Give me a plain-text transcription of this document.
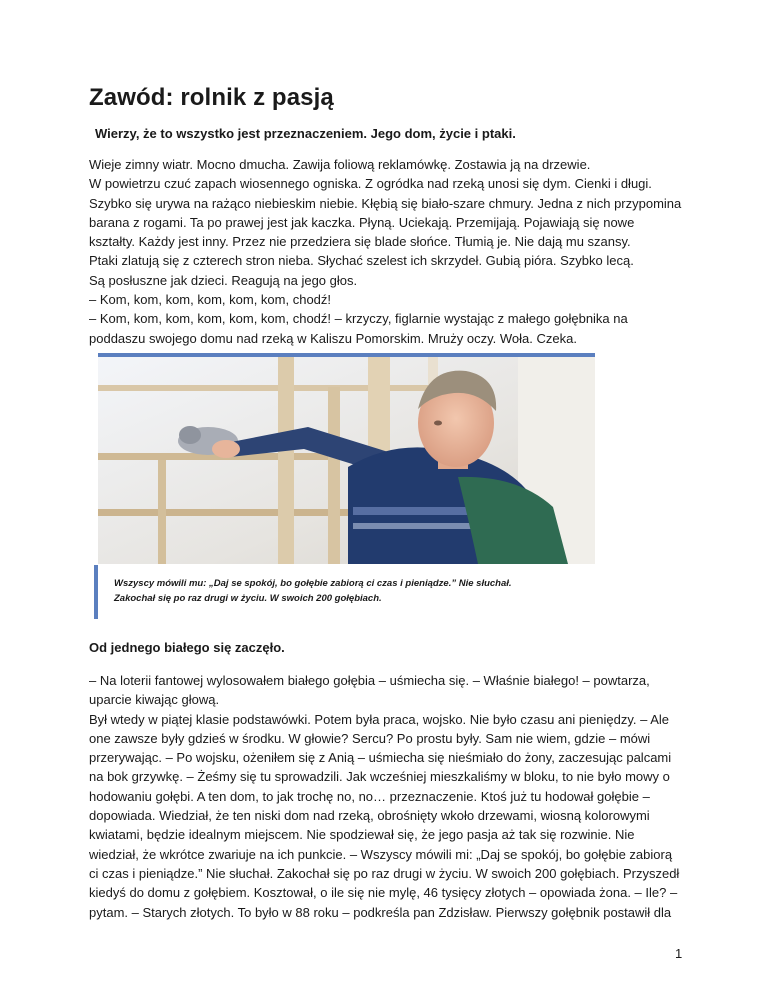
Zawód: rolnik z pasją

Wierzy, że to wszystko jest przeznaczeniem. Jego dom, życie i ptaki.

Wieje zimny wiatr. Mocno dmucha. Zawija foliową reklamówkę. Zostawia ją na drzewie.
W powietrzu czuć zapach wiosennego ogniska. Z ogródka nad rzeką unosi się dym. Cienki i długi.
Szybko się urywa na rażąco niebieskim niebie. Kłębią się biało-szare chmury. Jedna z nich przypomina
barana z rogami. Ta po prawej jest jak kaczka. Płyną. Uciekają. Przemijają. Pojawiają się nowe
kształty. Każdy jest inny. Przez nie przedziera się blade słońce. Tłumią je. Nie dają mu szansy.
Ptaki zlatują się z czterech stron nieba. Słychać szelest ich skrzydeł. Gubią pióra. Szybko lecą.
Są posłuszne jak dzieci. Reagują na jego głos.
– Kom, kom, kom, kom, kom, kom, chodź!
– Kom, kom, kom, kom, kom, kom, chodź! – krzyczy, figlarnie wystając z małego gołębnika na
poddaszu swojego domu nad rzeką w Kaliszu Pomorskim. Mruży oczy. Woła. Czeka.
Wszyscy mówili mu: „Daj se spokój, bo gołębie zabiorą ci czas i pieniądze.” Nie słuchał.
Zakochał się po raz drugi w życiu. W swoich 200 gołębiach.

Od jednego białego się zaczęło.

– Na loterii fantowej wylosowałem białego gołębia – uśmiecha się. – Właśnie białego! – powtarza,
uparcie kiwając głową.
Był wtedy w piątej klasie podstawówki. Potem była praca, wojsko. Nie było czasu ani pieniędzy. – Ale
one zawsze były gdzieś w środku. W głowie? Sercu? Po prostu były. Sam nie wiem, gdzie – mówi
przerywając. – Po wojsku, ożeniłem się z Anią – uśmiecha się nieśmiało do żony, zaczesując palcami
na bok grzywkę. – Żeśmy się tu sprowadzili. Jak wcześniej mieszkaliśmy w bloku, to nie było mowy o
hodowaniu gołębi. A ten dom, to jak trochę no, no… przeznaczenie. Ktoś już tu hodował gołębie –
dopowiada. Wiedział, że ten niski dom nad rzeką, obrośnięty wkoło drzewami, wiosną kolorowymi
kwiatami, będzie idealnym miejscem. Nie spodziewał się, że jego pasja aż tak się rozwinie. Nie
wiedział, że wkrótce zwariuje na ich punkcie. – Wszyscy mówili mi: „Daj se spokój, bo gołębie zabiorą
ci czas i pieniądze.” Nie słuchał. Zakochał się po raz drugi w życiu. W swoich 200 gołębiach. Przyszedł
kiedyś do domu z gołębiem. Kosztował, o ile się nie mylę, 46 tysięcy złotych – opowiada żona. – Ile? –
pytam. – Starych złotych. To było w 88 roku – podkreśla pan Zdzisław. Pierwszy gołębnik postawił dla
1
